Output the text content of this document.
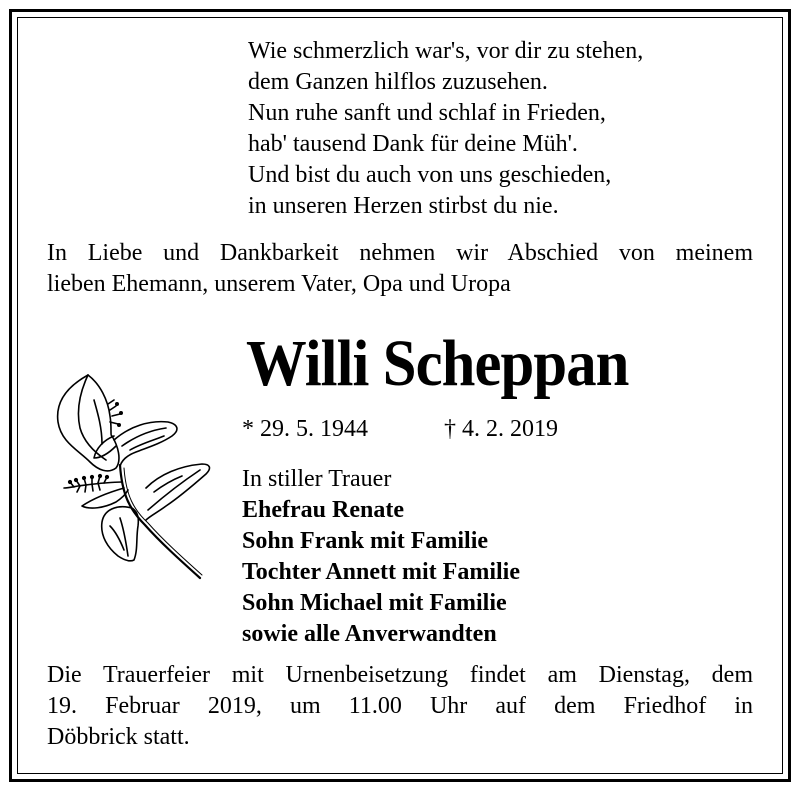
Wie schmerzlich war's, vor dir zu stehen,
dem Ganzen hilflos zuzusehen.
Nun ruhe sanft und schlaf in Frieden,
hab' tausend Dank für deine Müh'.
Und bist du auch von uns geschieden,
in unseren Herzen stirbst du nie.
In Liebe und Dankbarkeit nehmen wir Abschied von meinem
lieben Ehemann, unserem Vater, Opa und Uropa
Willi Scheppan
* 29. 5. 1944	† 4. 2. 2019
In stiller Trauer
Ehefrau Renate
Sohn Frank mit Familie
Tochter Annett mit Familie
Sohn Michael mit Familie
sowie alle Anverwandten
Die Trauerfeier mit Urnenbeisetzung findet am Dienstag, dem
19. Februar 2019, um 11.00 Uhr auf dem Friedhof in
Döbbrick statt.
